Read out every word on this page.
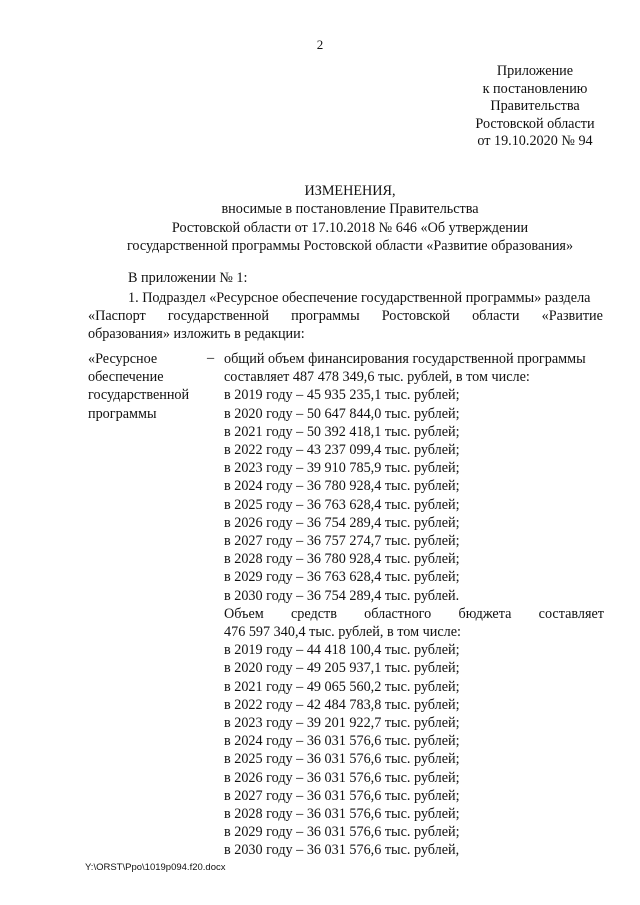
2
Приложение
к постановлению
Правительства
Ростовской области
от 19.10.2020 № 94
ИЗМЕНЕНИЯ,
вносимые в постановление Правительства
Ростовской области от 17.10.2018 № 646 «Об утверждении
государственной программы Ростовской области «Развитие образования»
В приложении № 1:
1. Подраздел «Ресурсное обеспечение государственной программы» раздела
«Паспорт государственной программы Ростовской области «Развитие
образования» изложить в редакции:
«Ресурсное
обеспечение
государственной
программы
– общий объем финансирования государственной программы
составляет 487 478 349,6 тыс. рублей, в том числе:
в 2019 году – 45 935 235,1 тыс. рублей;
в 2020 году – 50 647 844,0 тыс. рублей;
в 2021 году – 50 392 418,1 тыс. рублей;
в 2022 году – 43 237 099,4 тыс. рублей;
в 2023 году – 39 910 785,9 тыс. рублей;
в 2024 году – 36 780 928,4 тыс. рублей;
в 2025 году – 36 763 628,4 тыс. рублей;
в 2026 году – 36 754 289,4 тыс. рублей;
в 2027 году – 36 757 274,7 тыс. рублей;
в 2028 году – 36 780 928,4 тыс. рублей;
в 2029 году – 36 763 628,4 тыс. рублей;
в 2030 году – 36 754 289,4 тыс. рублей.
Объем средств областного бюджета составляет
476 597 340,4 тыс. рублей, в том числе:
в 2019 году – 44 418 100,4 тыс. рублей;
в 2020 году – 49 205 937,1 тыс. рублей;
в 2021 году – 49 065 560,2 тыс. рублей;
в 2022 году – 42 484 783,8 тыс. рублей;
в 2023 году – 39 201 922,7 тыс. рублей;
в 2024 году – 36 031 576,6 тыс. рублей;
в 2025 году – 36 031 576,6 тыс. рублей;
в 2026 году – 36 031 576,6 тыс. рублей;
в 2027 году – 36 031 576,6 тыс. рублей;
в 2028 году – 36 031 576,6 тыс. рублей;
в 2029 году – 36 031 576,6 тыс. рублей;
в 2030 году – 36 031 576,6 тыс. рублей,
Y:\ORST\Ppo\1019p094.f20.docx
